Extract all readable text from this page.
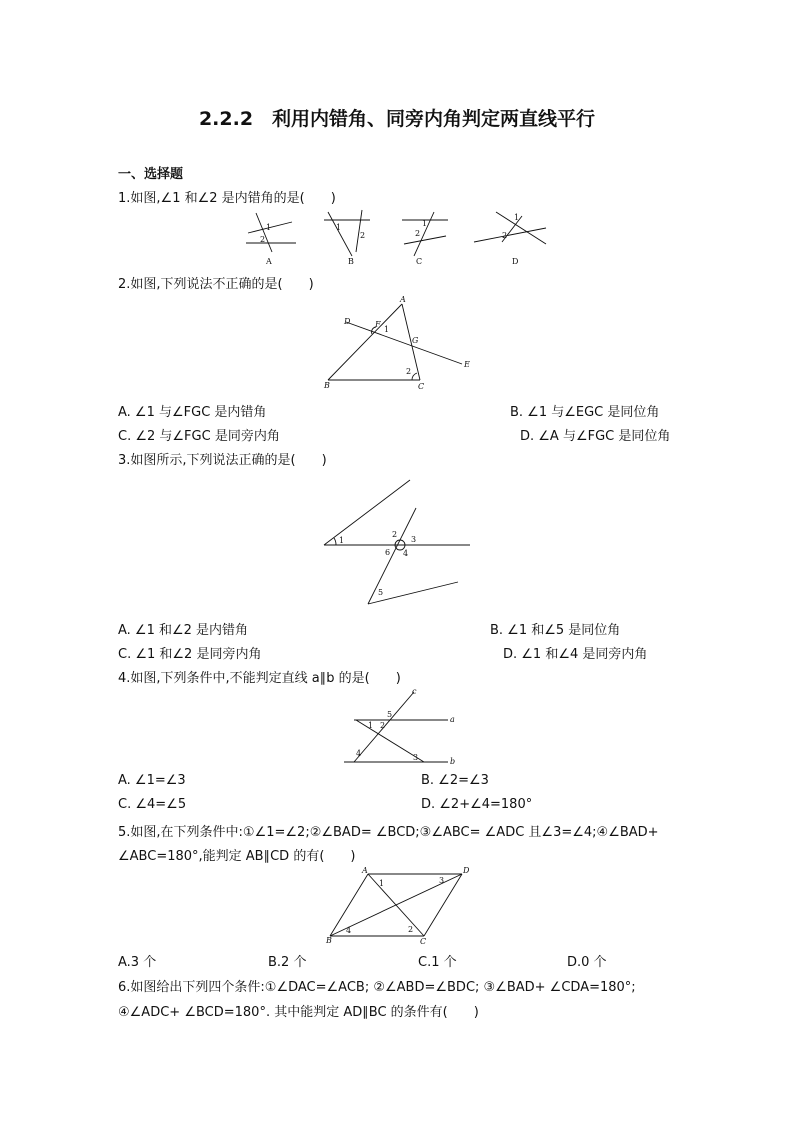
2.2.2　利用内错角、同旁内角判定两直线平行
一、选择题
1.如图,∠1 和∠2 是内错角的是(　　)
1
2
1
2
1
2
1
2
A	B	C	D
2.如图,下列说法不正确的是(　　)
A
B	C
D
E
F
G
1
2
A. ∠1 与∠FGC 是内错角	B. ∠1 与∠EGC 是同位角
C. ∠2 与∠FGC 是同旁内角	D. ∠A 与∠FGC 是同位角
3.如图所示,下列说法正确的是(　　)
1
2
3
4
5
6
A. ∠1 和∠2 是内错角	B. ∠1 和∠5 是同位角
C. ∠1 和∠2 是同旁内角	D. ∠1 和∠4 是同旁内角
4.如图,下列条件中,不能判定直线 a∥b 的是(　　)
a
b
c
1 2
3
4
5
A. ∠1=∠3	B. ∠2=∠3
C. ∠4=∠5	D. ∠2+∠4=180°
5.如图,在下列条件中:①∠1=∠2;②∠BAD= ∠BCD;③∠ABC= ∠ADC 且∠3=∠4;④∠BAD+
∠ABC=180°,能判定 AB∥CD 的有(　　)
A
B	C
D
1
2
3
4
A.3 个	B.2 个	C.1 个	D.0 个
6.如图给出下列四个条件:①∠DAC=∠ACB; ②∠ABD=∠BDC; ③∠BAD+ ∠CDA=180°;
④∠ADC+ ∠BCD=180°. 其中能判定 AD∥BC 的条件有(　　)
